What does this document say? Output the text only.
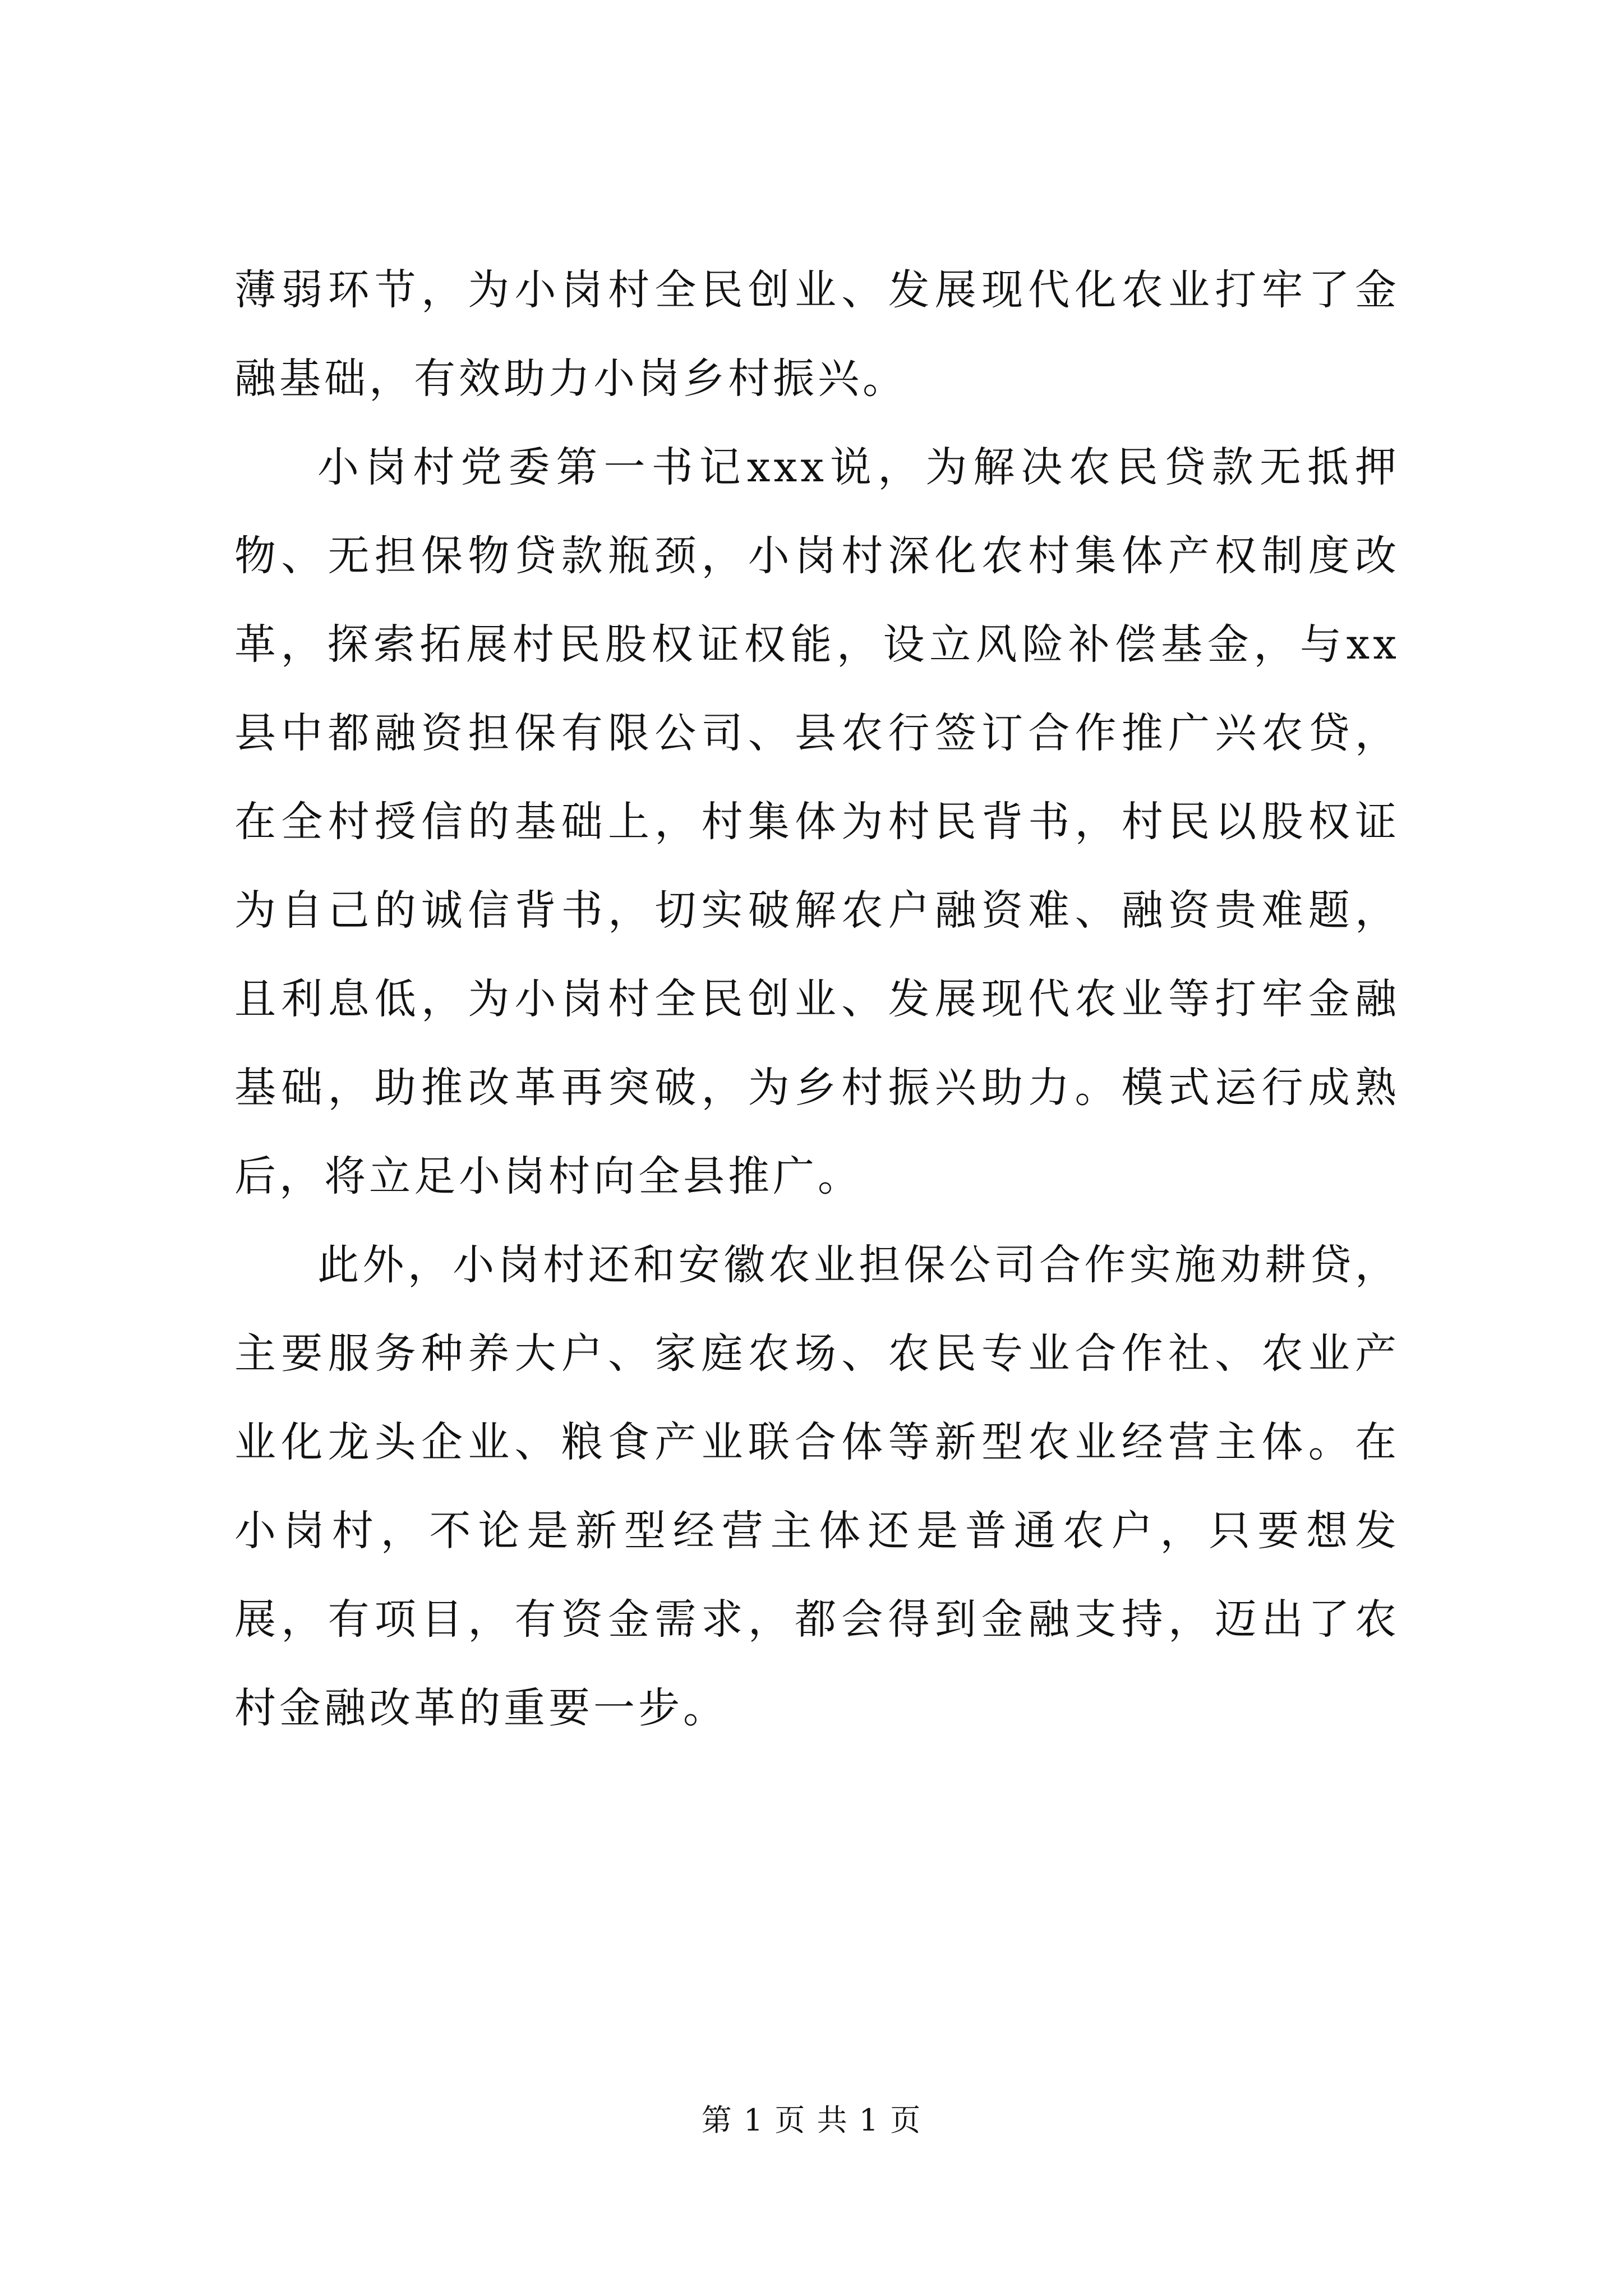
薄弱环节，为小岗村全民创业、发展现代化农业打牢了金融基础，有效助力小岗乡村振兴。

小岗村党委第一书记xxx说，为解决农民贷款无抵押物、无担保物贷款瓶颈，小岗村深化农村集体产权制度改革，探索拓展村民股权证权能，设立风险补偿基金，与xx县中都融资担保有限公司、县农行签订合作推广兴农贷，在全村授信的基础上，村集体为村民背书，村民以股权证为自己的诚信背书，切实破解农户融资难、融资贵难题，且利息低，为小岗村全民创业、发展现代农业等打牢金融基础，助推改革再突破，为乡村振兴助力。模式运行成熟后，将立足小岗村向全县推广。

此外，小岗村还和安徽农业担保公司合作实施劝耕贷，主要服务种养大户、家庭农场、农民专业合作社、农业产业化龙头企业、粮食产业联合体等新型农业经营主体。在小岗村，不论是新型经营主体还是普通农户，只要想发展，有项目，有资金需求，都会得到金融支持，迈出了农村金融改革的重要一步。

第 1 页 共 1 页
